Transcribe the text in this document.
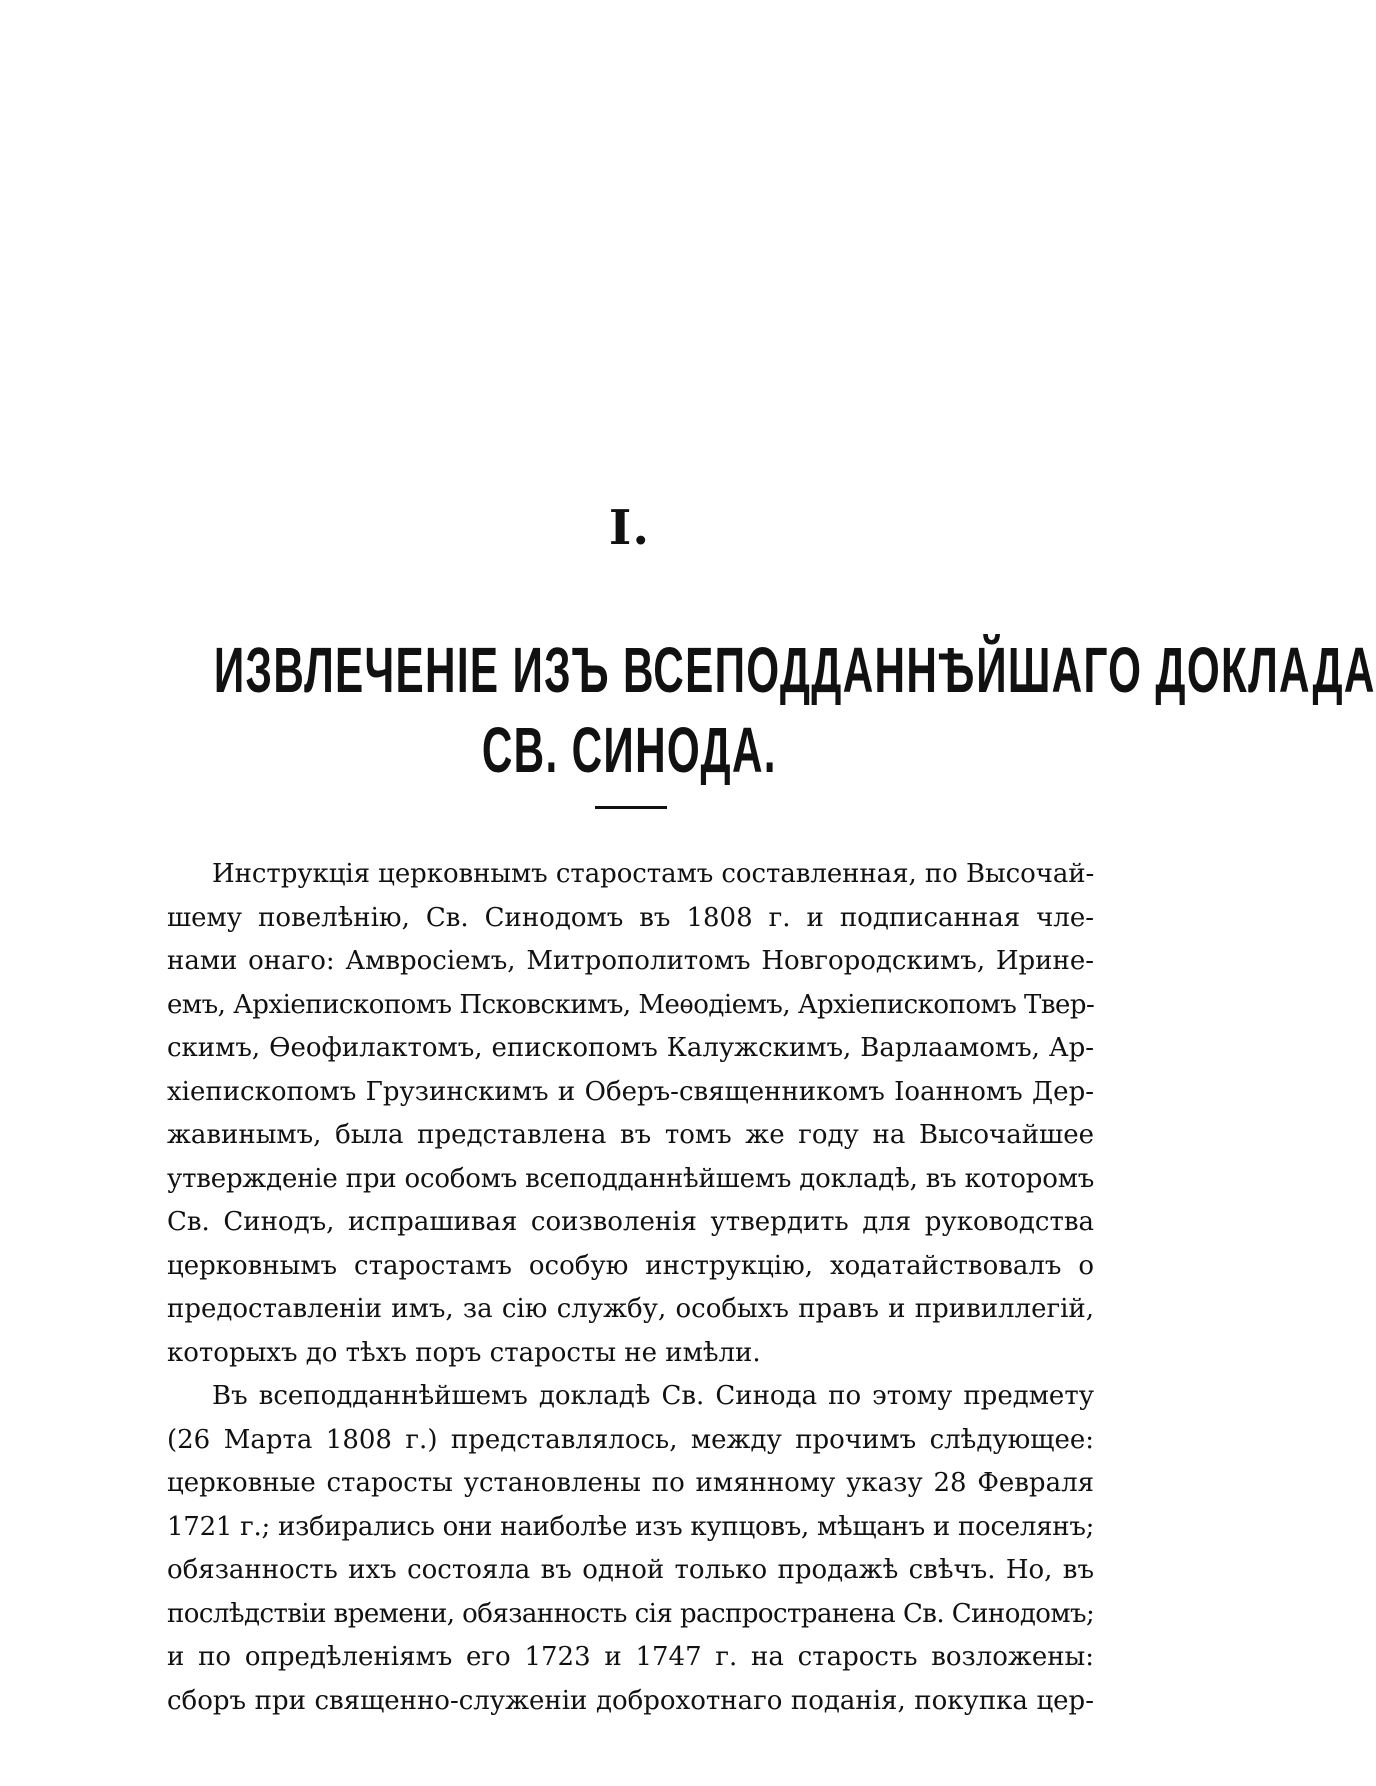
I.
ИЗВЛЕЧЕНІЕ ИЗЪ ВСЕПОДДАННѢЙШАГО ДОКЛАДА
СВ. СИНОДА.

Инструкція церковнымъ старостамъ составленная, по Высочай-
шему повелѣнію, Св. Синодомъ въ 1808 г. и подписанная чле-
нами онаго: Амвросіемъ, Митрополитомъ Новгородскимъ, Ирине-
емъ, Архіепископомъ Псковскимъ, Меѳодіемъ, Архіепископомъ Твер-
скимъ, Ѳеофилактомъ, епископомъ Калужскимъ, Варлаамомъ, Ар-
хіепископомъ Грузинскимъ и Оберъ-священникомъ Іоанномъ Дер-
жавинымъ, была представлена въ томъ же году на Высочайшее
утвержденіе при особомъ всеподданнѣйшемъ докладѣ, въ которомъ
Св. Синодъ, испрашивая соизволенія утвердить для руководства
церковнымъ старостамъ особую инструкцію, ходатайствовалъ о
предоставленіи имъ, за сію службу, особыхъ правъ и привиллегій,
которыхъ до тѣхъ поръ старосты не имѣли.

Въ всеподданнѣйшемъ докладѣ Св. Синода по этому предмету
(26 Марта 1808 г.) представлялось, между прочимъ слѣдующее:
церковные старосты установлены по имянному указу 28 Февраля
1721 г.; избирались они наиболѣе изъ купцовъ, мѣщанъ и поселянъ;
обязанность ихъ состояла въ одной только продажѣ свѣчъ. Но, въ
послѣдствіи времени, обязанность сія распространена Св. Синодомъ;
и по опредѣленіямъ его 1723 и 1747 г. на старость возложены:
сборъ при священно-служеніи доброхотнаго поданія, покупка цер-
